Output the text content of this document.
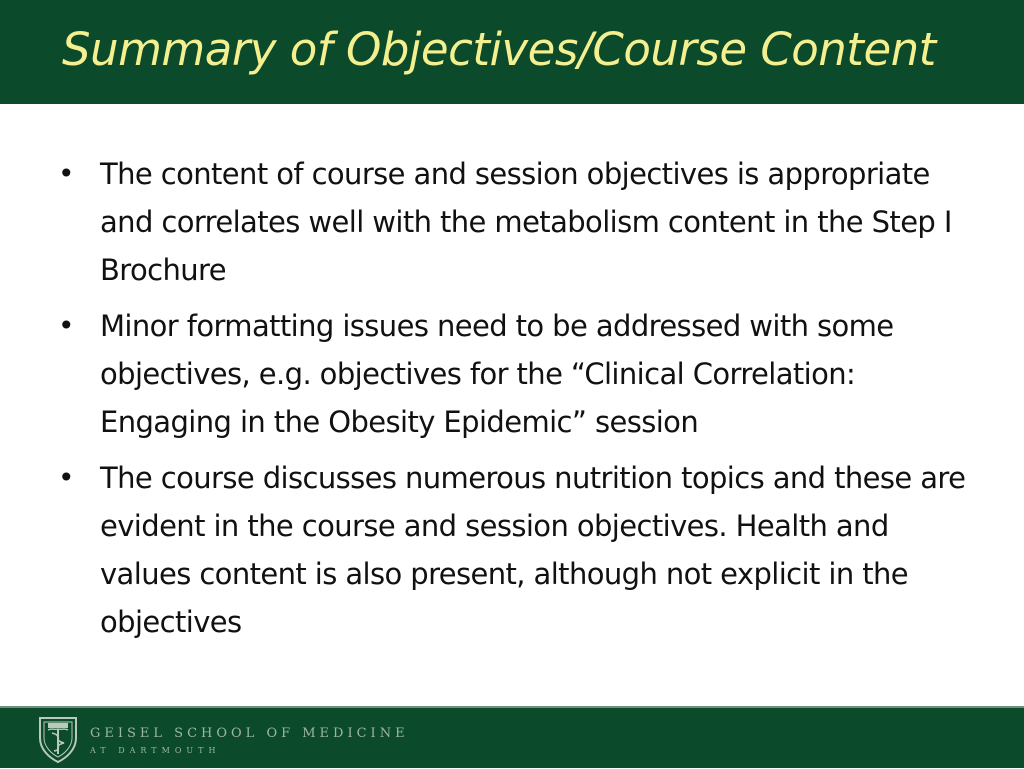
Summary of Objectives/Course Content
• The content of course and session objectives is appropriate and correlates well with the metabolism content in the Step I Brochure
• Minor formatting issues need to be addressed with some objectives, e.g. objectives for the “Clinical Correlation: Engaging in the Obesity Epidemic” session
• The course discusses numerous nutrition topics and these are evident in the course and session objectives. Health and values content is also present, although not explicit in the objectives
GEISEL SCHOOL OF MEDICINE
AT DARTMOUTH
